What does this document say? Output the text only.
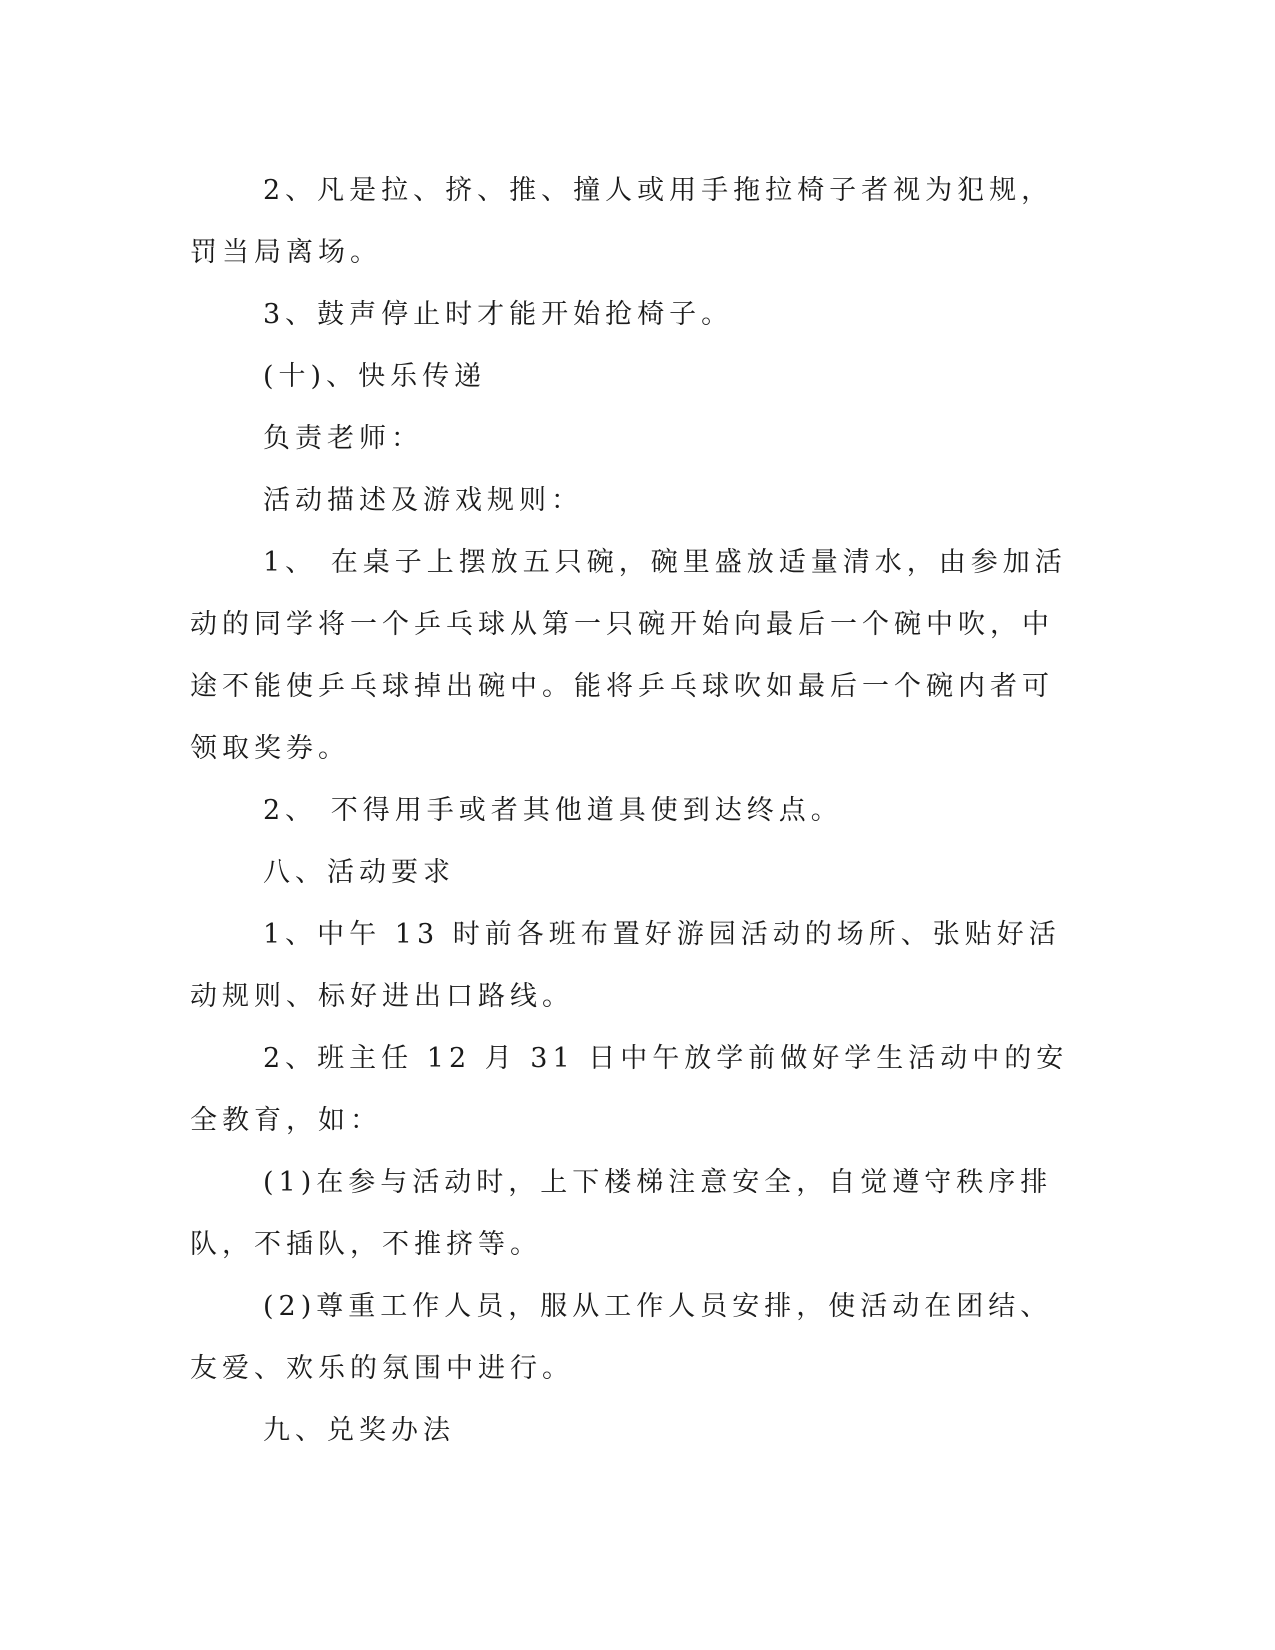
2、凡是拉、挤、推、撞人或用手拖拉椅子者视为犯规，罚当局离场。

3、鼓声停止时才能开始抢椅子。

(十)、快乐传递

负责老师：

活动描述及游戏规则：

1、 在桌子上摆放五只碗，碗里盛放适量清水，由参加活动的同学将一个乒乓球从第一只碗开始向最后一个碗中吹，中途不能使乒乓球掉出碗中。能将乒乓球吹如最后一个碗内者可领取奖券。

2、 不得用手或者其他道具使到达终点。

八、活动要求

1、中午 13 时前各班布置好游园活动的场所、张贴好活动规则、标好进出口路线。

2、班主任 12 月 31 日中午放学前做好学生活动中的安全教育，如：

(1)在参与活动时，上下楼梯注意安全，自觉遵守秩序排队，不插队，不推挤等。

(2)尊重工作人员，服从工作人员安排，使活动在团结、友爱、欢乐的氛围中进行。

九、兑奖办法
